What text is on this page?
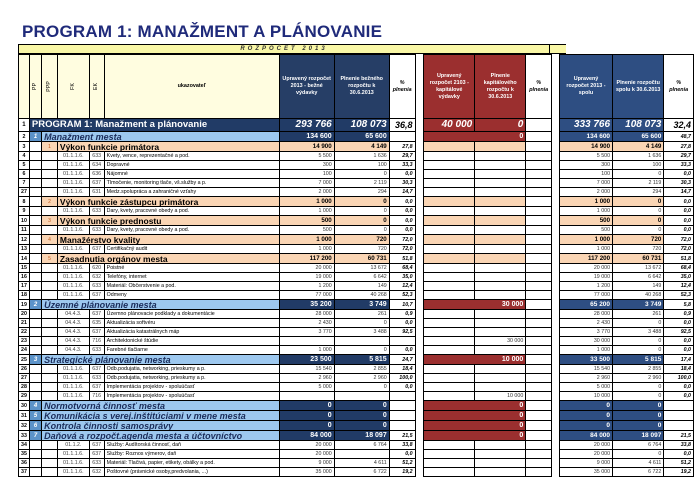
PROGRAM 1: MANAŽMENT A PLÁNOVANIE
ROZPOČET 2013
	PP	PPP	FK	EK	ukazovateľ	Upravený rozpočet 2013 - bežné výdavky	Plnenie bežného rozpočtu k 30.6.2013	% plnenia		Upravený rozpočet 2103 - kapitálové výdavky	Plnenie kapitálového rozpočtu k 30.6.2013	% plnenia		Upravený rozpočet 2013 - spolu	Plnenie rozpočtu spolu k 30.6.2013	% plnenia
1	PROGRAM 1: Manažment a plánovanie					293 766	108 073	36,8		40 000	0			333 766	108 073	32,4
2	1	Manažment mesta				134 600	65 600			0				134 600	65 600	48,7
3		1	Výkon funkcie primátora			14 900	4 149	27,8						14 900	4 149	27,8
4			01.1.1.6.	633	Kvety, vence, reprezentačné a pod.	5 500	1 636	29,7						5 500	1 636	29,7
5			01.1.1.6.	634	Dopravné	300	100	33,3						300	100	33,3
6			01.1.1.6.	636	Nájomné	100	0	0,0						100	0	0,0
7			01.1.1.6.	637	Tlmočenie, monitoring tlače, vš.služby a p.	7 000	2 119	30,3						7 000	2 119	30,3
27			01.1.1.6.	631	Medz.spolupráca a zahraničné vzťahy	2 000	294	14,7						2 000	294	14,7
8		2	Výkon funkcie zástupcu primátora			1 000	0	0,0						1 000	0	0,0
9			01.1.1.6.	633	Dary, kvety, pracovné obedy a pod.	1 000	0	0,0						1 000	0	0,0
10		3	Výkon funkcie prednostu			500	0	0,0						500	0	0,0
11			01.1.1.6.	633	Dary, kvety, pracovné obedy a pod.	500	0	0,0						500	0	0,0
12		4	Manažérstvo kvality			1 000	720	72,0						1 000	720	72,0
13			01.1.1.6.	637	Certifikačný audit	1 000	720	72,0						1 000	720	72,0
14		5	Zasadnutia orgánov mesta			117 200	60 731	51,8						117 200	60 731	51,8
15			01.1.1.6.	620	Poistné	20 000	13 672	68,4						20 000	13 672	68,4
16			01.1.1.6.	632	Telefóny, internet	19 000	6 642	35,0						19 000	6 642	35,0
17			01.1.1.6.	633	Materiál: Občerstvenie a pod.	1 200	149	12,4						1 200	149	12,4
18			01.1.1.6.	637	Odmeny	77 000	40 268	52,3						77 000	40 268	52,3
19	2	Územné plánovanie mesta				35 200	3 749	10,7		30 000				65 200	3 749	5,8
20			04.4.3.	637	Územno plánovacie podklady a dokumentácie	28 000	261	0,9						28 000	261	0,9
21			04.4.3.	635	Aktualizácia softvéru	2 430	0	0,0						2 430	0	0,0
22			04.4.3.	637	Aktualizácia katastrálnych máp	3 770	3 488	92,5						3 770	3 488	92,5
23			04.4.3.	716	Architektonické štúdie						30 000			30 000	0	0,0
24			04.4.3.	633	Farebné tlačiarne	1 000	0	0,0						1 000	0	0,0
25	3	Strategické plánovanie mesta				23 500	5 815	24,7		10 000				33 500	5 815	17,4
26			01.1.1.6.	637	Odb.podujatia, networking, prieskumy a p.	15 540	2 855	18,4						15 540	2 855	18,4
27			01.1.1.6.	633	Odb.podujatia, networking, prieskumy a p.	2 960	2 960	100,0						2 960	2 960	100,0
28			01.1.1.6.	637	Implementácia projektov - spoluúčasť	5 000	0	0,0						5 000	0	0,0
29			01.1.1.6.	716	Implementácia projektov - spoluúčasť						10 000			10 000	0	0,0
30	4	Normotvorná činnosť mesta				0	0			0				0	0	
31	5	Komunikácia s verej.inštitúciami v mene mesta				0	0			0				0	0	
32	6	Kontrola činnosti samosprávy				0	0			0				0	0	
33	7	Daňová a rozpočt.agenda mesta a účtovníctvo				84 000	18 097	21,5		0				84 000	18 097	21,5
34			01.1.2.	637	Služby: Audítorská činnosť, daň	20 000	6 764	33,8						20 000	6 764	33,8
35			01.1.1.6.	637	Služby: Roznos výmerov, daň	20 000		0,0						20 000	0	0,0
36			01.1.1.6.	633	Materiál: Tlačivá, papier, etikety, obálky a pod.	9 000	4 611	51,2						9 000	4 611	51,2
37			01.1.1.6.	632	Poštovné (právnické osoby,predvolania, ...)	35 000	6 722	19,2						35 000	6 722	19,2
